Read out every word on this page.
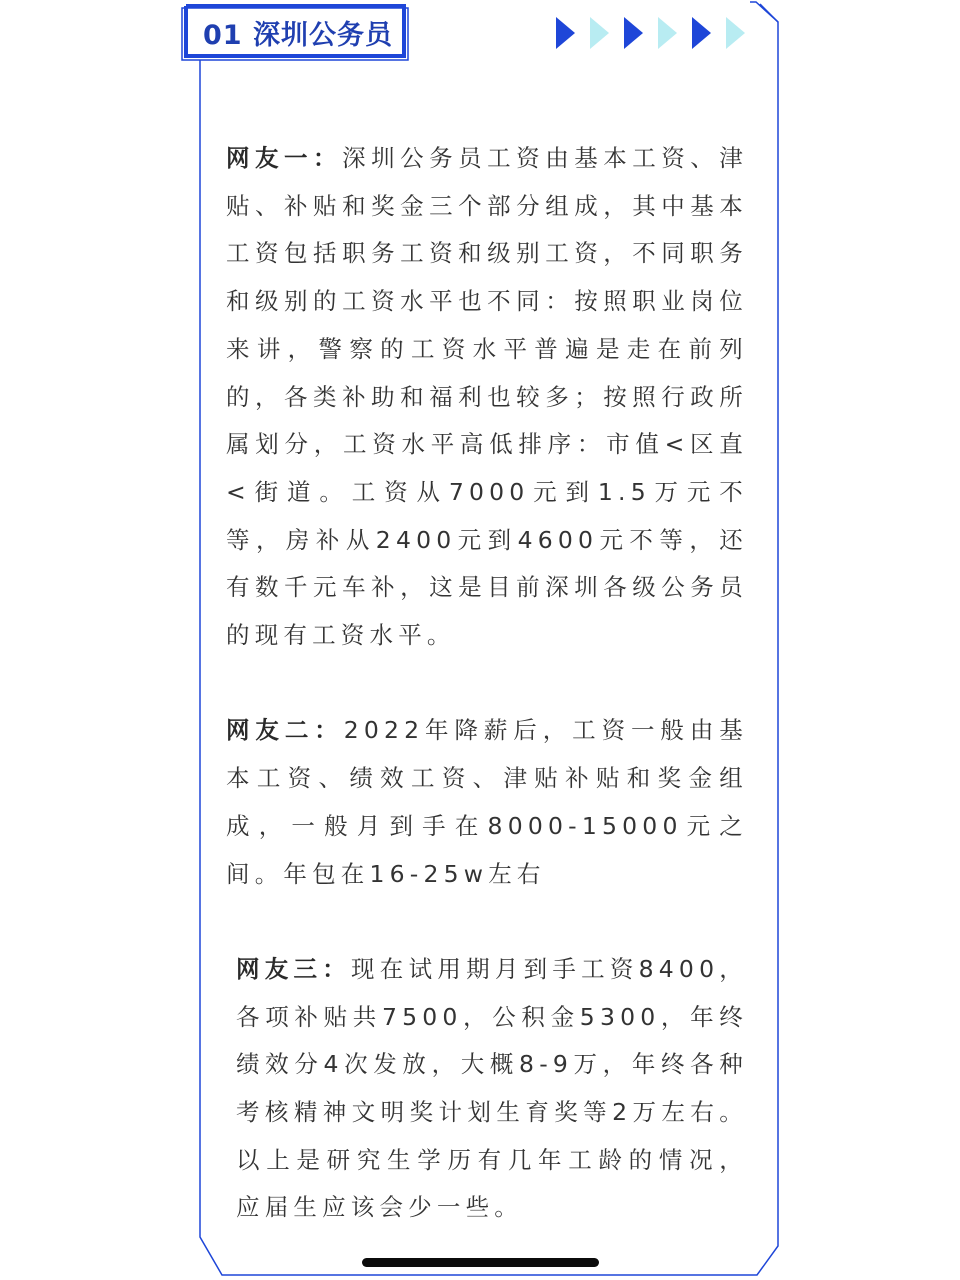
01 深圳公务员

网友一：深圳公务员工资由基本工资、津贴、补贴和奖金三个部分组成，其中基本工资包括职务工资和级别工资，不同职务和级别的工资水平也不同：按照职业岗位来讲，警察的工资水平普遍是走在前列的，各类补助和福利也较多；按照行政所属划分，工资水平高低排序：市值<区直<街道。工资从7000元到1.5万元不等，房补从2400元到4600元不等，还有数千元车补，这是目前深圳各级公务员的现有工资水平。

网友二：2022年降薪后，工资一般由基本工资、绩效工资、津贴补贴和奖金组成，一般月到手在8000-15000元之间。年包在16-25w左右

网友三：现在试用期月到手工资8400，各项补贴共7500，公积金5300，年终绩效分4次发放，大概8-9万，年终各种考核精神文明奖计划生育奖等2万左右。以上是研究生学历有几年工龄的情况，应届生应该会少一些。
